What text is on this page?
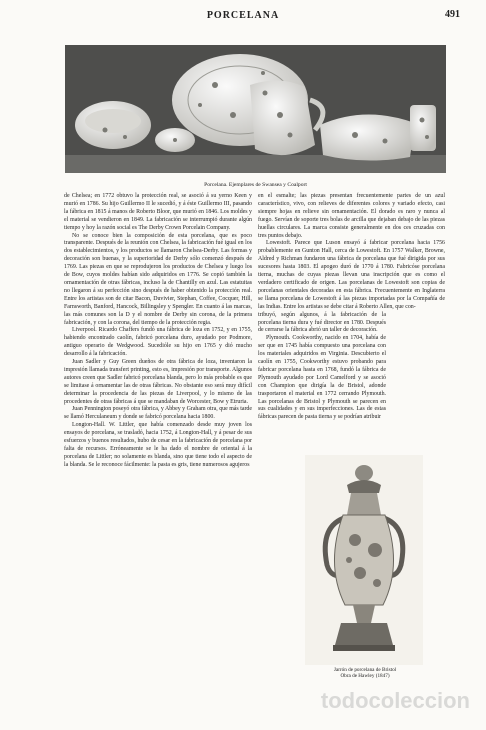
PORCELANA	491
Porcelana. Ejemplares de Swansea y Coalport

de Chelsea; en 1772 obtuvo la protección real, se asoció á su yerno Keen y murió en 1786. Su hijo Guillermo II le sucedió, y á éste Guillermo III, pasando la fábrica en 1815 á manos de Roberto Bloor, que murió en 1846. Los moldes y el material se vendieron en 1849. La fabricación se interrumpió durante algún tiempo y hoy la razón social es The Derby Crown Porcelain Company.

No se conoce bien la composición de esta porcelana, que es poco transparente. Después de la reunión con Chelsea, la fabricación fué igual en los dos establecimientos, y los productos se llamaron Chelsea-Derby. Las formas y decoración son buenas, y la superioridad de Derby sólo comenzó después de 1769. Las piezas en que se reprodujeron los productos de Chelsea y luego los de Bow, cuyos moldes habían sido adquiridos en 1776. Se copió también la ornamentación de otras fábricas, incluso la de Chantilly en azul. Las estatuitas no llegaron á su perfección sino después de haber obtenido la protección real. Entre los artistas son de citar Bacon, Duvivier, Stephan, Coffee, Cocquer, Hill, Farnsworth, Banford, Hancock, Billingsley y Spengler. En cuanto á las marcas, las más comunes son la D y el nombre de Derby sin corona, de la primera fabricación, y con la corona, del tiempo de la protección regia.

Liverpool. Ricardo Chaffers fundó una fábrica de loza en 1752, y en 1755, habiendo encontrado caolín, fabricó porcelana duro, ayudado por Podmore, antiguo operario de Wedgwood. Sucedióle su hijo en 1765 y dió mucho desarrollo á la fabricación.

Juan Sadler y Guy Green dueños de otra fábrica de loza, inventaron la impresión llamada transfert printing, esto es, impresión por transporte. Algunos autores creen que Sadler fabricó porcelana blanda, pero lo más probable es que se limitase á ornamentar las de otras fábricas. No obstante eso será muy difícil determinar la procedencia de las piezas de Liverpool, y lo mismo de las procedentes de otras fábricas á que se mandaban de Worcester, Bow y Etruria.

Juan Pennington poseyó otra fábrica, y Abbey y Graham otra, que más tarde se llamó Herculaneum y donde se fabricó porcelana hacia 1800.

Longton-Hall. W. Littler, que había comenzado desde muy joven los ensayos de porcelana, se trasladó, hacia 1752, á Longton-Hall, y á pesar de sus esfuerzos y buenos resultados, hubo de cesar en la fabricación de porcelana por falta de recursos. Erróneamente se le ha dado el nombre de oriental á la porcelana de Littler; no solamente es blanda, sino que tiene todo el aspecto de la blanda. Se le reconoce fácilmente: la pasta es gris, tiene numerosos agujeros

en el esmalte; las piezas presentan frecuentemente partes de un azul característico, vivo, con relieves de diferentes colores y variado efecto, casi siempre hojas en relieve sin ornamentación. El dorado es raro y nunca al fuego. Servían de soporte tres bolas de arcilla que dejaban debajo de las piezas huellas circulares. La marca consiste generalmente en dos ces cruzadas con tres puntos debajo.

Lowestoft. Parece que Luson ensayó á fabricar porcelana hacia 1756 probablemente en Gunton Hall, cerca de Lowestoft. En 1757 Walker, Browne, Aldred y Richman fundaron una fábrica de porcelana que fué dirigida por sus sucesores hasta 1803. El apogeo duró de 1770 á 1780. Fabricóse porcelana tierna, muchas de cuyas piezas llevan una inscripción que es como el verdadero certificado de origen. Las porcelanas de Lowestoft son copias de porcelanas orientales decoradas en esta fábrica. Frecuentemente en Inglaterra se llama porcelana de Lowestoft á las piezas importadas por la Compañía de las Indias. Entre los artistas se debe citar á Roberto Allen, que con-

tribuyó, según algunos, á la fabricación de la porcelana tierna dura y fué director en 1780. Después de cerrarse la fábrica abrió un taller de decoración.

Plymouth. Cookworthy, nacido en 1704, había de ser que en 1745 había compuesto una porcelana con los materiales adquiridos en Virginia. Descubierto el caolín en 1755, Cookworthy estuvo probando para fabricar porcelana hasta en 1768, fundó la fábrica de Plymouth ayudado por Lord Camelford y se asoció con Champion que dirigía la de Bristol, adonde trasportaron el material en 1772 cerrando Plymouth. Las porcelanas de Bristol y Plymouth se parecen en sus cualidades y en sus imperfecciones. Las de estas fábricas parecen de pasta tierna y se podrían atribuir

Jarrón de porcelana de Bristol
Obra de Hawley (1847)
todocoleccion
